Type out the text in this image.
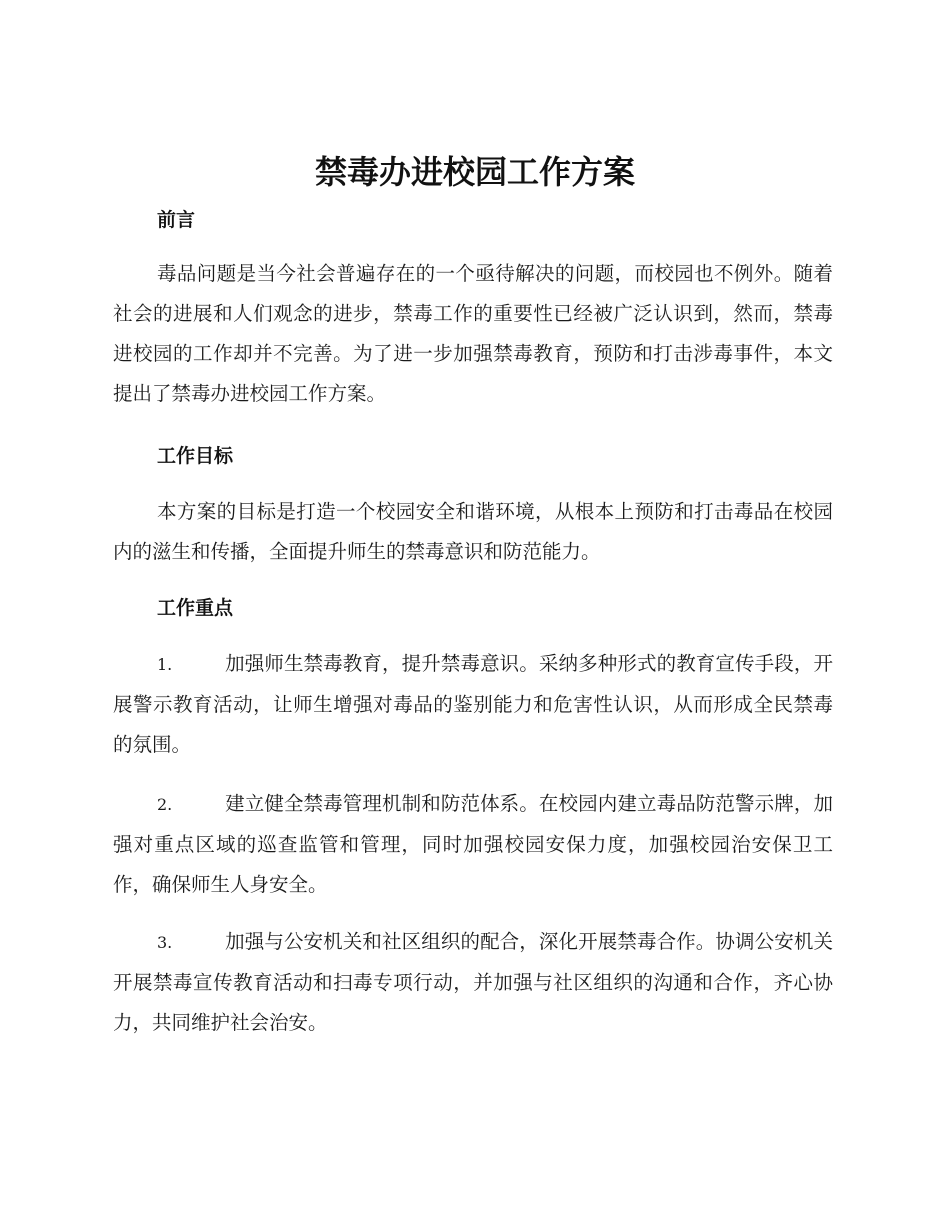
禁毒办进校园工作方案
前言
毒品问题是当今社会普遍存在的一个亟待解决的问题，而校园也不例外。随着社会的进展和人们观念的进步，禁毒工作的重要性已经被广泛认识到，然而，禁毒进校园的工作却并不完善。为了进一步加强禁毒教育，预防和打击涉毒事件，本文提出了禁毒办进校园工作方案。
工作目标
本方案的目标是打造一个校园安全和谐环境，从根本上预防和打击毒品在校园内的滋生和传播，全面提升师生的禁毒意识和防范能力。
工作重点
1.	加强师生禁毒教育，提升禁毒意识。采纳多种形式的教育宣传手段，开展警示教育活动，让师生增强对毒品的鉴别能力和危害性认识，从而形成全民禁毒的氛围。
2.	建立健全禁毒管理机制和防范体系。在校园内建立毒品防范警示牌，加强对重点区域的巡查监管和管理，同时加强校园安保力度，加强校园治安保卫工作，确保师生人身安全。
3.	加强与公安机关和社区组织的配合，深化开展禁毒合作。协调公安机关开展禁毒宣传教育活动和扫毒专项行动，并加强与社区组织的沟通和合作，齐心协力，共同维护社会治安。
